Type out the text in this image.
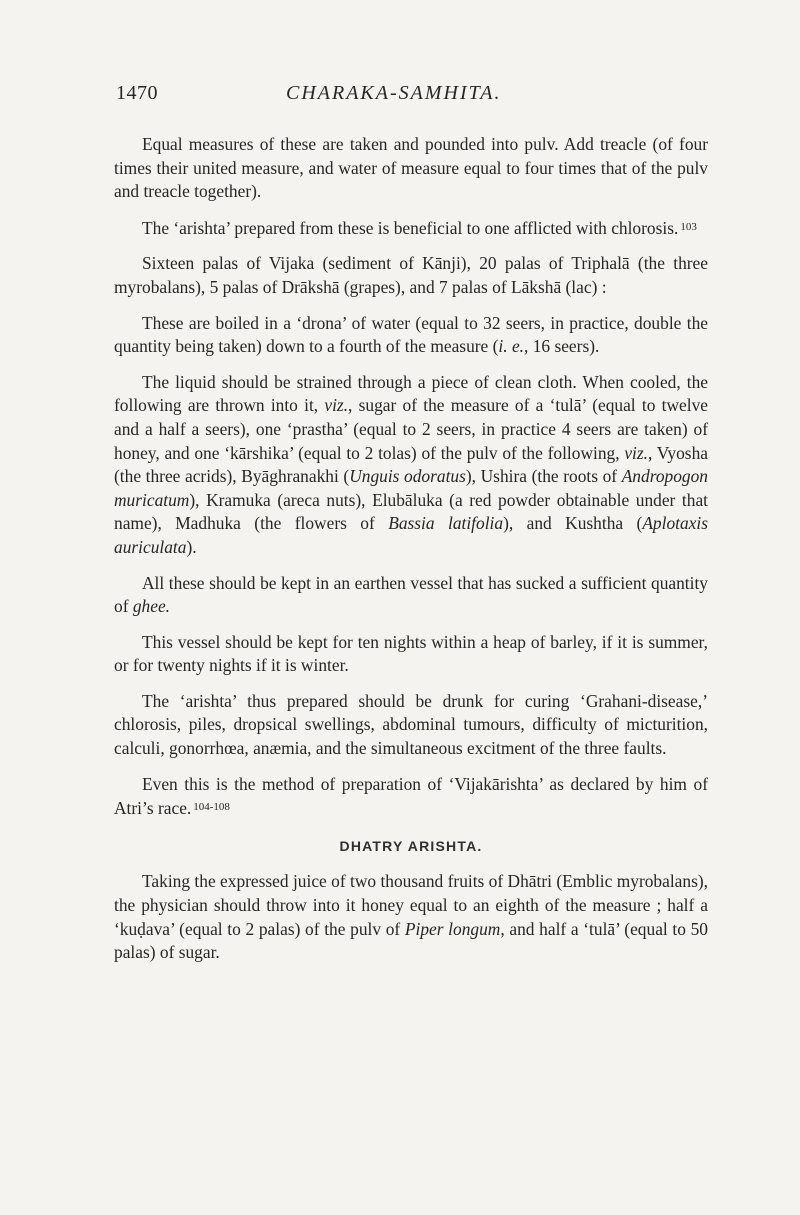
1470	CHARAKA-SAMHITA.

Equal measures of these are taken and pounded into pulv. Add treacle (of four times their united measure, and water of measure equal to four times that of the pulv and treacle together).

The ‘arishta’ prepared from these is beneficial to one afflicted with chlorosis. $^{103}$

Sixteen palas of Vijaka (sediment of Kānji), 20 palas of Triphalā (the three myrobalans), 5 palas of Drākshā (grapes), and 7 palas of Lākshā (lac) :

These are boiled in a ‘drona’ of water (equal to 32 seers, in practice, double the quantity being taken) down to a fourth of the measure (i. e., 16 seers).

The liquid should be strained through a piece of clean cloth. When cooled, the following are thrown into it, viz., sugar of the measure of a ‘tulā’ (equal to twelve and a half a seers), one ‘prastha’ (equal to 2 seers, in practice 4 seers are taken) of honey, and one ‘kārshika’ (equal to 2 tolas) of the pulv of the following, viz., Vyosha (the three acrids), Byāghranakhi (Unguis odoratus), Ushira (the roots of Andropogon muricatum), Kramuka (areca nuts), Elubāluka (a red powder obtainable under that name), Madhuka (the flowers of Bassia latifolia), and Kushtha (Aplotaxis auriculata).

All these should be kept in an earthen vessel that has sucked a sufficient quantity of ghee.

This vessel should be kept for ten nights within a heap of barley, if it is summer, or for twenty nights if it is winter.

The ‘arishta’ thus prepared should be drunk for curing ‘Grahani-disease,’ chlorosis, piles, dropsical swellings, abdominal tumours, difficulty of micturition, calculi, gonorrhœa, anæmia, and the simultaneous excitment of the three faults.

Even this is the method of preparation of ‘Vijakārishta’ as declared by him of Atri’s race. $^{104-108}$

DHATRY ARISHTA.

Taking the expressed juice of two thousand fruits of Dhātri (Emblic myrobalans), the physician should throw into it honey equal to an eighth of the measure ; half a ‘kuḍava’ (equal to 2 palas) of the pulv of Piper longum, and half a ‘tulā’ (equal to 50 palas) of sugar.
